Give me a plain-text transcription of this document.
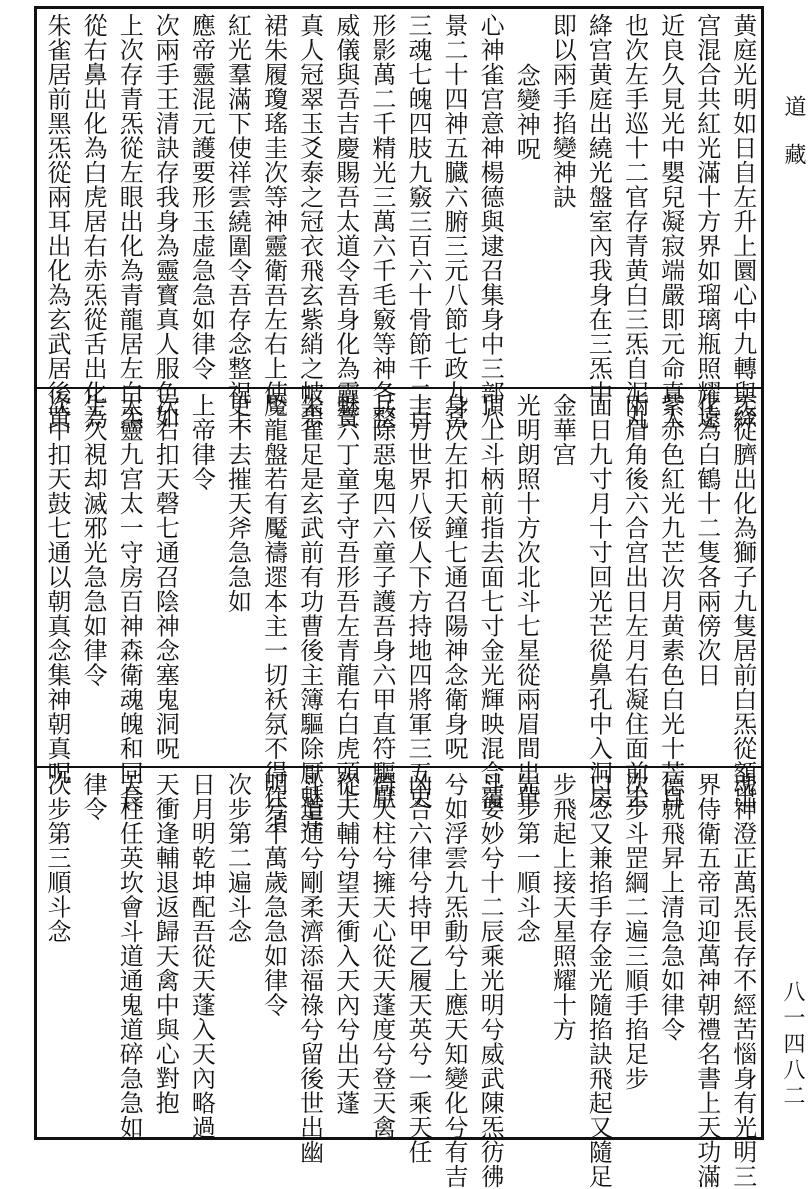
黄庭光明如日自左升上圜心中九轉與絳
宫混合共紅光滿十方界如瑠璃瓶照耀遠
近良久見光中嬰兒凝寂端嚴即元命真人
也次左手巡十二官存青黄白三炁自泥丸
絳宫黄庭出繞光盤室內我身在三炁中
即以兩手掐變神訣
念變神呪
心神雀宫意神楊德與逮召集身中三部八
景二十四神五臓六腑三元八節七政九宫
三魂七魄四肢九竅三百六十骨節千二百
形影萬二千精光三萬六千毛竅等神各整
威儀與吾吉慶賜吾太道令吾身化為靈寳
真人冠翠玉爻泰之冠衣飛玄紫綃之帔碧
裙朱履瓊瑤圭次等神靈衛吾左右上使
紅光羣滿下使祥雲繞圍令吾存念整祝上
應帝靈混元護要形玉虚急急如律令
次兩手王清訣存我身為靈寳真人服色如
上次存青炁從左眼出化為青龍居左白炁
從右鼻出化為白虎居右赤炁從舌出化為
朱雀居前黑炁從兩耳出化為玄武居後黄
炁從臍出化為獅子九隻居前白炁從額出
化為白鶴十二隻各兩傍次日
紫赤色紅光九芒次月黄素色白光十芒自
兩眉角後六合宫出日左月右凝住面前去
面日九寸月十寸回光芒從鼻孔中入洞房
金華宫
光明朗照十方次北斗七星從兩眉間出單
頂上斗柄前指去面七寸金光輝映混合覆
身次左扣天鐘七通召陽神念衛身呪
上方世界八俀人下方持地四將軍三五吏
兵除惡鬼四六童子護吾身六甲直符驅厭
魅六丁童子守吾形吾左青龍右白虎頭上
朱雀足是玄武前有功曹後主簿驅除厭魅弄
魘龍盤若有魘禱遝本主一切袄氛不得住須
更不去摧天斧急急如
上帝律令
次右扣天磬七通召陰神念塞鬼洞呪
太靈九宫太一守房百神森衛魂魄和同長
生久視却滅邪光急急如律令
次中扣天鼓七通以朝真念集神朝真呪
魂神澄正萬炁長存不經苦惱身有光明三
界侍衛五帝司迎萬神朝禮名書上天功滿
德就飛昇上清急急如律令
次步斗罡綱二遍三順手掐足步
口念又兼掐手存金光隨掐訣飛起又隨足
步飛起上接天星照耀十方
先步第一順斗念
斗要妙兮十二辰乘光明兮威武陳炁彷彿
兮如浮雲九炁動兮上應天知變化兮有吉
凶合六律兮持甲乙履天英兮一乘天任
倚天柱兮擁天心從天蓬度兮登天禽
從天輔兮望天衝入天內兮出天蓬
斗道通兮剛柔濟添福祿兮留後世出幽
明兮千萬歲急急如律令
次步第二遍斗念
日月明乾坤配吾從天蓬入天內略過
天衝逢輔退返歸天禽中與心對抱
天柱任英坎會斗道通鬼道碎急急如
律令
次步第三順斗念
道藏
八一四八二
